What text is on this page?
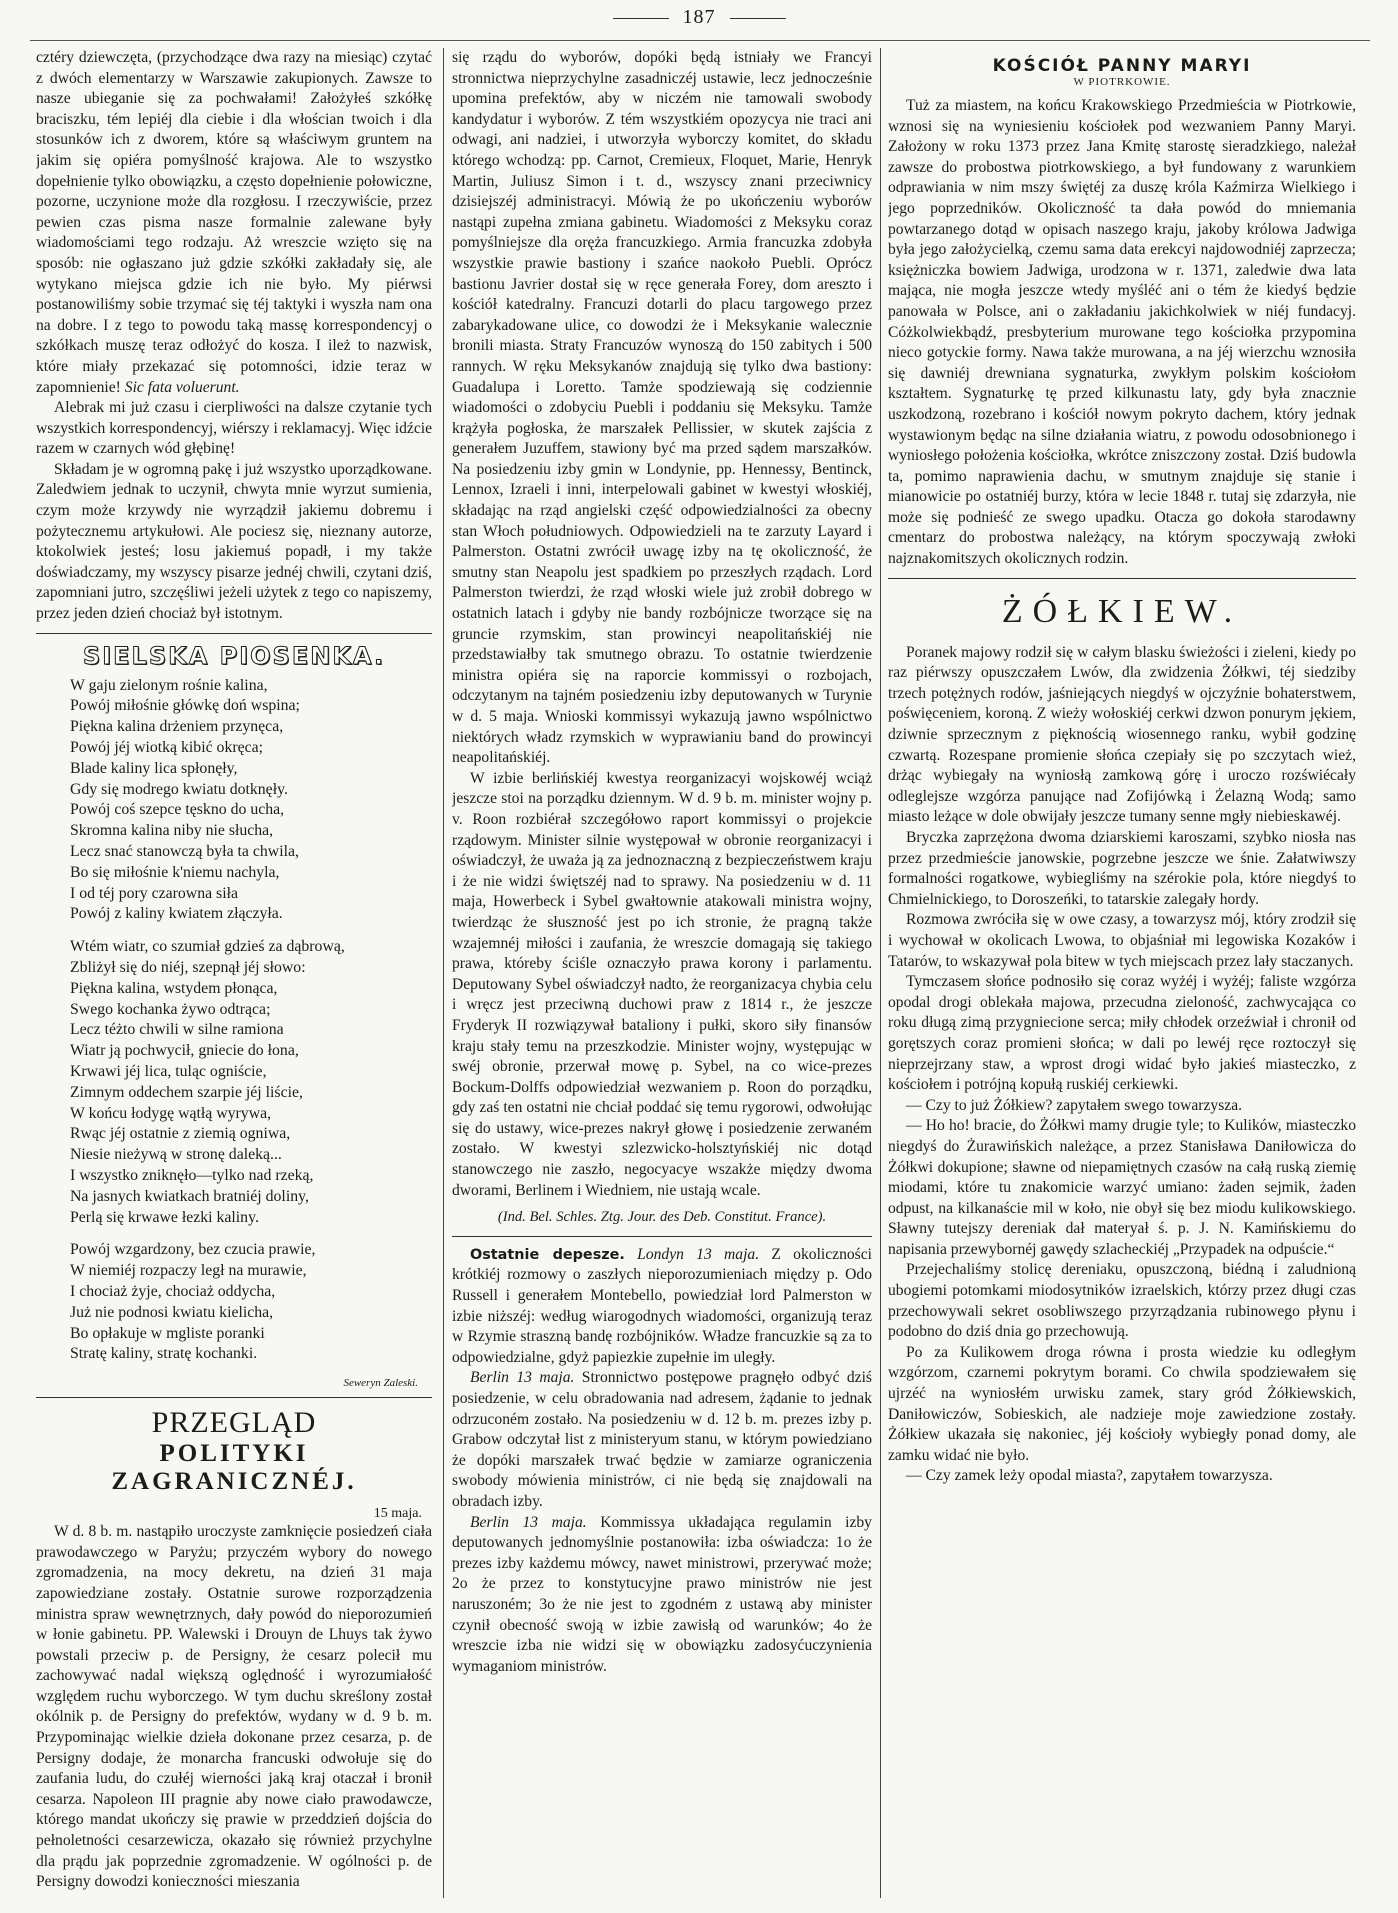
187

cztéry dziewczęta, (przychodzące dwa razy na miesiąc) czytać z dwóch elementarzy w Warszawie zakupionych. Zawsze to nasze ubieganie się za pochwałami! Założyłeś szkółkę braciszku, tém lepiéj dla ciebie i dla włościan twoich i dla stosunków ich z dworem, które są właściwym gruntem na jakim się opiéra pomyślność krajowa. Ale to wszystko dopełnienie tylko obowiązku, a często dopełnienie połowiczne, pozorne, uczynione może dla rozgłosu. I rzeczywiście, przez pewien czas pisma nasze formalnie zalewane były wiadomościami tego rodzaju. Aż wreszcie wzięto się na sposób: nie ogłaszano już gdzie szkółki zakładały się, ale wytykano miejsca gdzie ich nie było. My piérwsi postanowiliśmy sobie trzymać się téj taktyki i wyszła nam ona na dobre. I z tego to powodu taką massę korrespondencyj o szkółkach muszę teraz odłożyć do kosza. I ileż to nazwisk, które miały przekazać się potomności, idzie teraz w zapomnienie! Sic fata voluerunt.

Alebrak mi już czasu i cierpliwości na dalsze czytanie tych wszystkich korrespondencyj, wiérszy i reklamacyj. Więc idźcie razem w czarnych wód głębinę!

Składam je w ogromną pakę i już wszystko uporządkowane. Zaledwiem jednak to uczynił, chwyta mnie wyrzut sumienia, czym może krzywdy nie wyrządził jakiemu dobremu i pożytecznemu artykułowi. Ale pociesz się, nieznany autorze, ktokolwiek jesteś; losu jakiemuś popadł, i my także doświadczamy, my wszyscy pisarze jednéj chwili, czytani dziś, zapomniani jutro, szczęśliwi jeżeli użytek z tego co napiszemy, przez jeden dzień chociaż był istotnym.

SIELSKA PIOSENKA.
W gaju zielonym rośnie kalina,
Powój miłośnie główkę doń wspina;
Piękna kalina drżeniem przynęca,
Powój jéj wiotką kibić okręca;
Blade kaliny lica spłonęły,
Gdy się modrego kwiatu dotknęły.
Powój coś szepce tęskno do ucha,
Skromna kalina niby nie słucha,
Lecz snać stanowczą była ta chwila,
Bo się miłośnie k'niemu nachyla,
I od téj pory czarowna siła
Powój z kaliny kwiatem złączyła.
Wtém wiatr, co szumiał gdzieś za dąbrową,
Zbliżył się do niéj, szepnął jéj słowo:
Piękna kalina, wstydem płonąca,
Swego kochanka żywo odtrąca;
Lecz téżto chwili w silne ramiona
Wiatr ją pochwycił, gniecie do łona,
Krwawi jéj lica, tuląc ogniście,
Zimnym oddechem szarpie jéj liście,
W końcu łodygę wątłą wyrywa,
Rwąc jéj ostatnie z ziemią ogniwa,
Niesie nieżywą w stronę daleką...
I wszystko zniknęło—tylko nad rzeką,
Na jasnych kwiatkach bratniéj doliny,
Perlą się krwawe łezki kaliny.
Powój wzgardzony, bez czucia prawie,
W niemiéj rozpaczy legł na murawie,
I chociaż żyje, chociaż oddycha,
Już nie podnosi kwiatu kielicha,
Bo opłakuje w mgliste poranki
Stratę kaliny, stratę kochanki.
Seweryn Zaleski.
PRZEGLĄD
POLITYKI ZAGRANICZNÉJ.
15 maja.

W d. 8 b. m. nastąpiło uroczyste zamknięcie posiedzeń ciała prawodawczego w Paryżu; przyczém wybory do nowego zgromadzenia, na mocy dekretu, na dzień 31 maja zapowiedziane zostały. Ostatnie surowe rozporządzenia ministra spraw wewnętrznych, dały powód do nieporozumień w łonie gabinetu. PP. Walewski i Drouyn de Lhuys tak żywo powstali przeciw p. de Persigny, że cesarz polecił mu zachowywać nadal większą oględność i wyrozumiałość względem ruchu wyborczego. W tym duchu skreślony został okólnik p. de Persigny do prefektów, wydany w d. 9 b. m. Przypominając wielkie dzieła dokonane przez cesarza, p. de Persigny dodaje, że monarcha francuski odwołuje się do zaufania ludu, do czułéj wierności jaką kraj otaczał i bronił cesarza. Napoleon III pragnie aby nowe ciało prawodawcze, którego mandat ukończy się prawie w przeddzień dojścia do pełnoletności cesarzewicza, okazało się również przychylne dla prądu jak poprzednie zgromadzenie. W ogólności p. de Persigny dowodzi konieczności mieszania

się rządu do wyborów, dopóki będą istniały we Francyi stronnictwa nieprzychylne zasadniczéj ustawie, lecz jednocześnie upomina prefektów, aby w niczém nie tamowali swobody kandydatur i wyborów. Z tém wszystkiém opozycya nie traci ani odwagi, ani nadziei, i utworzyła wyborczy komitet, do składu którego wchodzą: pp. Carnot, Cremieux, Floquet, Marie, Henryk Martin, Juliusz Simon i t. d., wszyscy znani przeciwnicy dzisiejszéj administracyi. Mówią że po ukończeniu wyborów nastąpi zupełna zmiana gabinetu. Wiadomości z Meksyku coraz pomyślniejsze dla oręża francuzkiego. Armia francuzka zdobyła wszystkie prawie bastiony i szańce naokoło Puebli. Oprócz bastionu Javrier dostał się w ręce generała Forey, dom areszto i kościół katedralny. Francuzi dotarli do placu targowego przez zabarykadowane ulice, co dowodzi że i Meksykanie walecznie bronili miasta. Straty Francuzów wynoszą do 150 zabitych i 500 rannych. W ręku Meksykanów znajdują się tylko dwa bastiony: Guadalupa i Loretto. Tamże spodziewają się codziennie wiadomości o zdobyciu Puebli i poddaniu się Meksyku. Tamże krążyła pogłoska, że marszałek Pellissier, w skutek zajścia z generałem Juzuffem, stawiony być ma przed sądem marszałków. Na posiedzeniu izby gmin w Londynie, pp. Hennessy, Bentinck, Lennox, Izraeli i inni, interpelowali gabinet w kwestyi włoskiéj, składając na rząd angielski część odpowiedzialności za obecny stan Włoch południowych. Odpowiedzieli na te zarzuty Layard i Palmerston. Ostatni zwrócił uwagę izby na tę okoliczność, że smutny stan Neapolu jest spadkiem po przeszłych rządach. Lord Palmerston twierdzi, że rząd włoski wiele już zrobił dobrego w ostatnich latach i gdyby nie bandy rozbójnicze tworzące się na gruncie rzymskim, stan prowincyi neapolitańskiéj nie przedstawiałby tak smutnego obrazu. To ostatnie twierdzenie ministra opiéra się na raporcie kommissyi o rozbojach, odczytanym na tajném posiedzeniu izby deputowanych w Turynie w d. 5 maja. Wnioski kommissyi wykazują jawno wspólnictwo niektórych władz rzymskich w wyprawianiu band do prowincyi neapolitańskiéj.

W izbie berlińskiéj kwestya reorganizacyi wojskowéj wciąż jeszcze stoi na porządku dziennym. W d. 9 b. m. minister wojny p. v. Roon rozbiérał szczegółowo raport kommissyi o projekcie rządowym. Minister silnie występował w obronie reorganizacyi i oświadczył, że uważa ją za jednoznaczną z bezpieczeństwem kraju i że nie widzi świętszéj nad to sprawy. Na posiedzeniu w d. 11 maja, Howerbeck i Sybel gwałtownie atakowali ministra wojny, twierdząc że słuszność jest po ich stronie, że pragną także wzajemnéj miłości i zaufania, że wreszcie domagają się takiego prawa, któreby ściśle oznaczyło prawa korony i parlamentu. Deputowany Sybel oświadczył nadto, że reorganizacya chybia celu i wręcz jest przeciwną duchowi praw z 1814 r., że jeszcze Fryderyk II rozwiązywał bataliony i pułki, skoro siły finansów kraju stały temu na przeszkodzie. Minister wojny, występując w swéj obronie, przerwał mowę p. Sybel, na co wice-prezes Bockum-Dolffs odpowiedział wezwaniem p. Roon do porządku, gdy zaś ten ostatni nie chciał poddać się temu rygorowi, odwołując się do ustawy, wice-prezes nakrył głowę i posiedzenie zerwaném zostało. W kwestyi szlezwicko-holsztyńskiéj nic dotąd stanowczego nie zaszło, negocyacye wszakże między dwoma dworami, Berlinem i Wiedniem, nie ustają wcale.

(Ind. Bel. Schles. Ztg. Jour. des Deb. Constitut. France).

Ostatnie depesze. Londyn 13 maja. Z okoliczności krótkiéj rozmowy o zaszłych nieporozumieniach między p. Odo Russell i generałem Montebello, powiedział lord Palmerston w izbie niższéj: według wiarogodnych wiadomości, organizują teraz w Rzymie straszną bandę rozbójników. Władze francuzkie są za to odpowiedzialne, gdyż papiezkie zupełnie im uległy.

Berlin 13 maja. Stronnictwo postępowe pragnęło odbyć dziś posiedzenie, w celu obradowania nad adresem, żądanie to jednak odrzuconém zostało. Na posiedzeniu w d. 12 b. m. prezes izby p. Grabow odczytał list z ministeryum stanu, w którym powiedziano że dopóki marszałek trwać będzie w zamiarze ograniczenia swobody mówienia ministrów, ci nie będą się znajdowali na obradach izby.

Berlin 13 maja. Kommissya układająca regulamin izby deputowanych jednomyślnie postanowiła: izba oświadcza: 1o że prezes izby każdemu mówcy, nawet ministrowi, przerywać może; 2o że przez to konstytucyjne prawo ministrów nie jest naruszoném; 3o że nie jest to zgodném z ustawą aby minister czynił obecność swoją w izbie zawisłą od warunków; 4o że wreszcie izba nie widzi się w obowiązku zadosyćuczynienia wymaganiom ministrów.

KOŚCIÓŁ PANNY MARYI
W PIOTRKOWIE.

Tuż za miastem, na końcu Krakowskiego Przedmieścia w Piotrkowie, wznosi się na wyniesieniu kościołek pod wezwaniem Panny Maryi. Założony w roku 1373 przez Jana Kmitę starostę sieradzkiego, należał zawsze do probostwa piotrkowskiego, a był fundowany z warunkiem odprawiania w nim mszy świętéj za duszę króla Kaźmirza Wielkiego i jego poprzedników. Okoliczność ta dała powód do mniemania powtarzanego dotąd w opisach naszego kraju, jakoby królowa Jadwiga była jego założycielką, czemu sama data erekcyi najdowodniéj zaprzecza; księżniczka bowiem Jadwiga, urodzona w r. 1371, zaledwie dwa lata mająca, nie mogła jeszcze wtedy myśléć ani o tém że kiedyś będzie panowała w Polsce, ani o zakładaniu jakichkolwiek w niéj fundacyj. Cóżkolwiekbądź, presbyterium murowane tego kościołka przypomina nieco gotyckie formy. Nawa także murowana, a na jéj wierzchu wznosiła się dawniéj drewniana sygnaturka, zwykłym polskim kościołom kształtem. Sygnaturkę tę przed kilkunastu laty, gdy była znacznie uszkodzoną, rozebrano i kościół nowym pokryto dachem, który jednak wystawionym będąc na silne działania wiatru, z powodu odosobnionego i wyniosłego położenia kościołka, wkrótce zniszczony został. Dziś budowla ta, pomimo naprawienia dachu, w smutnym znajduje się stanie i mianowicie po ostatniéj burzy, która w lecie 1848 r. tutaj się zdarzyła, nie może się podnieść ze swego upadku. Otacza go dokoła starodawny cmentarz do probostwa należący, na którym spoczywają zwłoki najznakomitszych okolicznych rodzin.

ŻÓŁKIEW.

Poranek majowy rodził się w całym blasku świeżości i zieleni, kiedy po raz piérwszy opuszczałem Lwów, dla zwidzenia Żółkwi, téj siedziby trzech potężnych rodów, jaśniejących niegdyś w ojczyźnie bohaterstwem, poświęceniem, koroną. Z wieży wołoskiéj cerkwi dzwon ponurym jękiem, dziwnie sprzecznym z pięknością wiosennego ranku, wybił godzinę czwartą. Rozespane promienie słońca czepiały się po szczytach wież, drżąc wybiegały na wyniosłą zamkową górę i uroczo rozświécały odleglejsze wzgórza panujące nad Zofijówką i Żelazną Wodą; samo miasto leżące w dole obwijały jeszcze tumany senne mgły niebieskawéj.

Bryczka zaprzężona dwoma dziarskiemi karoszami, szybko niosła nas przez przedmieście janowskie, pogrzebne jeszcze we śnie. Załatwiwszy formalności rogatkowe, wybiegliśmy na szérokie pola, które niegdyś to Chmielnickiego, to Doroszeńki, to tatarskie zalegały hordy.

Rozmowa zwróciła się w owe czasy, a towarzysz mój, który zrodził się i wychował w okolicach Lwowa, to objaśniał mi legowiska Kozaków i Tatarów, to wskazywał pola bitew w tych miejscach przez lały staczanych.

Tymczasem słońce podnosiło się coraz wyżéj i wyżéj; faliste wzgórza opodal drogi oblekała majowa, przecudna zieloność, zachwycająca co roku długą zimą przygniecione serca; miły chłodek orzeźwiał i chronił od gorętszych coraz promieni słońca; w dali po lewéj ręce roztoczył się nieprzejrzany staw, a wprost drogi widać było jakieś miasteczko, z kościołem i potrójną kopułą ruskiéj cerkiewki.

— Czy to już Żółkiew? zapytałem swego towarzysza.

— Ho ho! bracie, do Żółkwi mamy drugie tyle; to Kulików, miasteczko niegdyś do Żurawińskich należące, a przez Stanisława Daniłowicza do Żółkwi dokupione; sławne od niepamiętnych czasów na całą ruską ziemię miodami, które tu znakomicie warzyć umiano: żaden sejmik, żaden odpust, na kilkanaście mil w koło, nie obył się bez miodu kulikowskiego. Sławny tutejszy dereniak dał materyał ś. p. J. N. Kamińskiemu do napisania przewybornéj gawędy szlacheckiéj „Przypadek na odpuście.“

Przejechaliśmy stolicę dereniaku, opuszczoną, biédną i zaludnioną ubogiemi potomkami miodosytników izraelskich, którzy przez długi czas przechowywali sekret osobliwszego przyrządzania rubinowego płynu i podobno do dziś dnia go przechowują.

Po za Kulikowem droga równa i prosta wiedzie ku odległym wzgórzom, czarnemi pokrytym borami. Co chwila spodziewałem się ujrzéć na wyniosłém urwisku zamek, stary gród Żółkiewskich, Daniłowiczów, Sobieskich, ale nadzieje moje zawiedzione zostały. Żółkiew ukazała się nakoniec, jéj kościoły wybiegły ponad domy, ale zamku widać nie było.

— Czy zamek leży opodal miasta?, zapytałem towarzysza.
